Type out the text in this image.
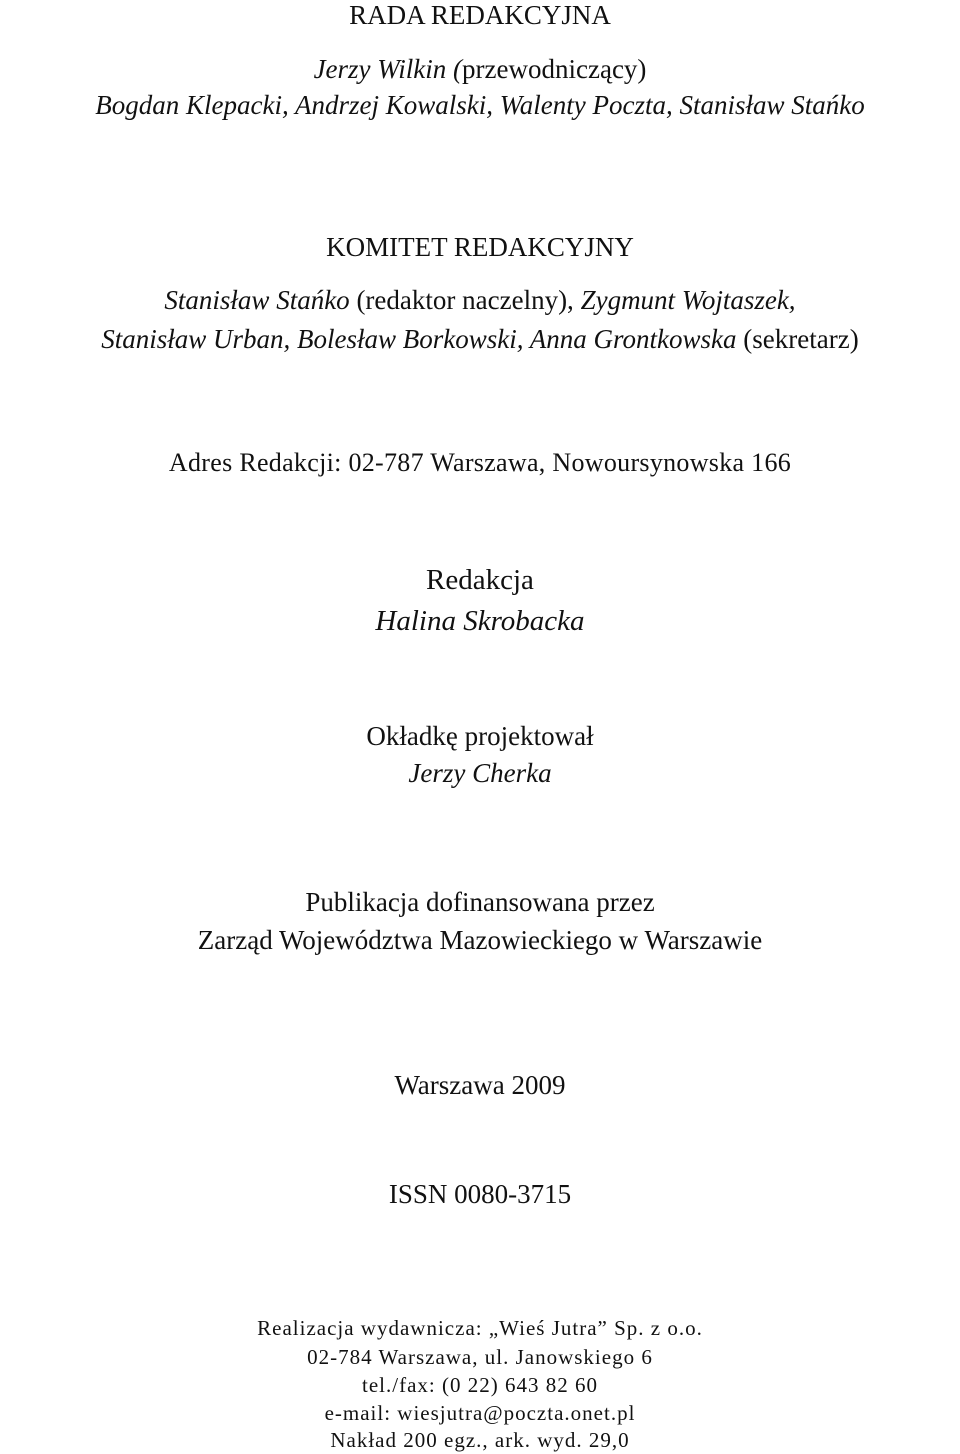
RADA REDAKCYJNA
Jerzy Wilkin (przewodniczący)
Bogdan Klepacki, Andrzej Kowalski, Walenty Poczta, Stanisław Stańko
KOMITET REDAKCYJNY
Stanisław Stańko (redaktor naczelny), Zygmunt Wojtaszek,
Stanisław Urban, Bolesław Borkowski, Anna Grontkowska (sekretarz)
Adres Redakcji: 02-787 Warszawa, Nowoursynowska 166
Redakcja
Halina Skrobacka
Okładkę projektował
Jerzy Cherka
Publikacja dofinansowana przez
Zarząd Województwa Mazowieckiego w Warszawie
Warszawa 2009
ISSN 0080-3715
Realizacja wydawnicza: „Wieś Jutra” Sp. z o.o.
02-784 Warszawa, ul. Janowskiego 6
tel./fax: (0 22) 643 82 60
e-mail: wiesjutra@poczta.onet.pl
Nakład 200 egz., ark. wyd. 29,0
